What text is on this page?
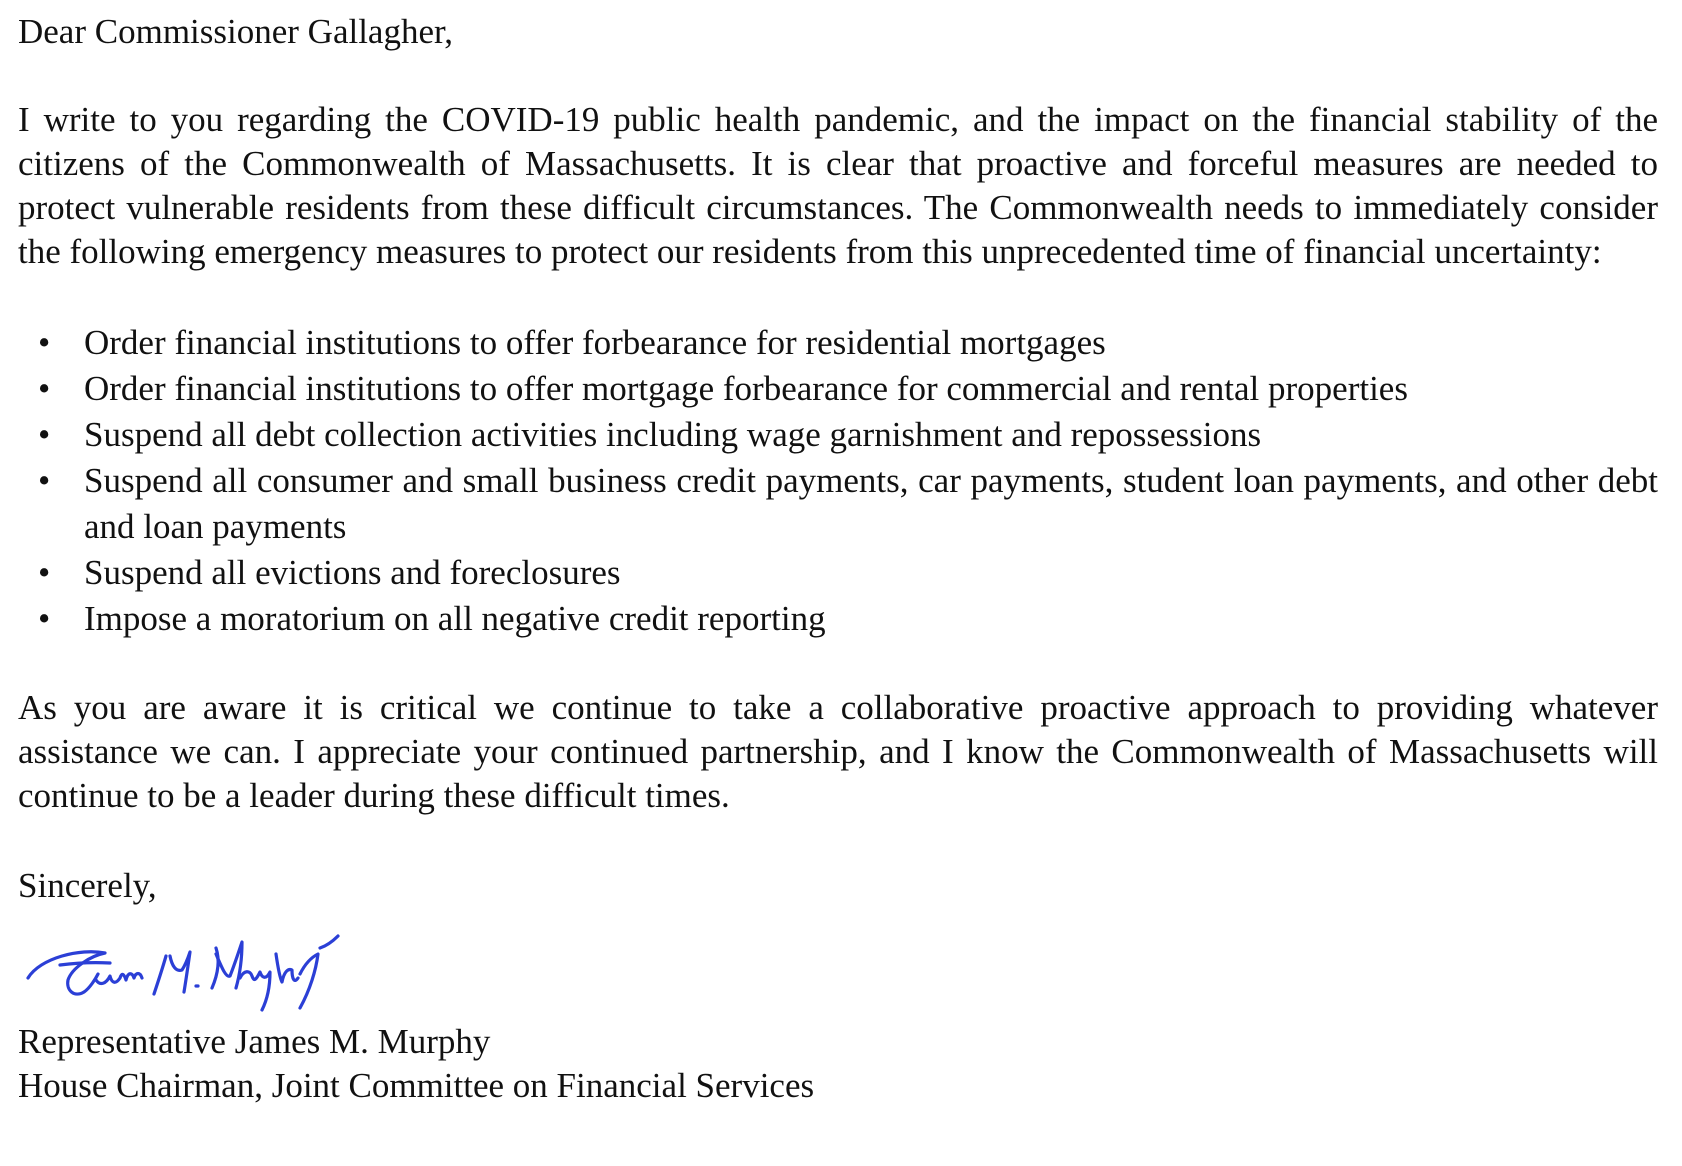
Dear Commissioner Gallagher,

I write to you regarding the COVID-19 public health pandemic, and the impact on the financial stability of the citizens of the Commonwealth of Massachusetts. It is clear that proactive and forceful measures are needed to protect vulnerable residents from these difficult circumstances. The Commonwealth needs to immediately consider the following emergency measures to protect our residents from this unprecedented time of financial uncertainty:

• Order financial institutions to offer forbearance for residential mortgages
• Order financial institutions to offer mortgage forbearance for commercial and rental properties
• Suspend all debt collection activities including wage garnishment and repossessions
• Suspend all consumer and small business credit payments, car payments, student loan payments, and other debt and loan payments
• Suspend all evictions and foreclosures
• Impose a moratorium on all negative credit reporting

As you are aware it is critical we continue to take a collaborative proactive approach to providing whatever assistance we can. I appreciate your continued partnership, and I know the Commonwealth of Massachusetts will continue to be a leader during these difficult times.

Sincerely,

Representative James M. Murphy

House Chairman, Joint Committee on Financial Services
